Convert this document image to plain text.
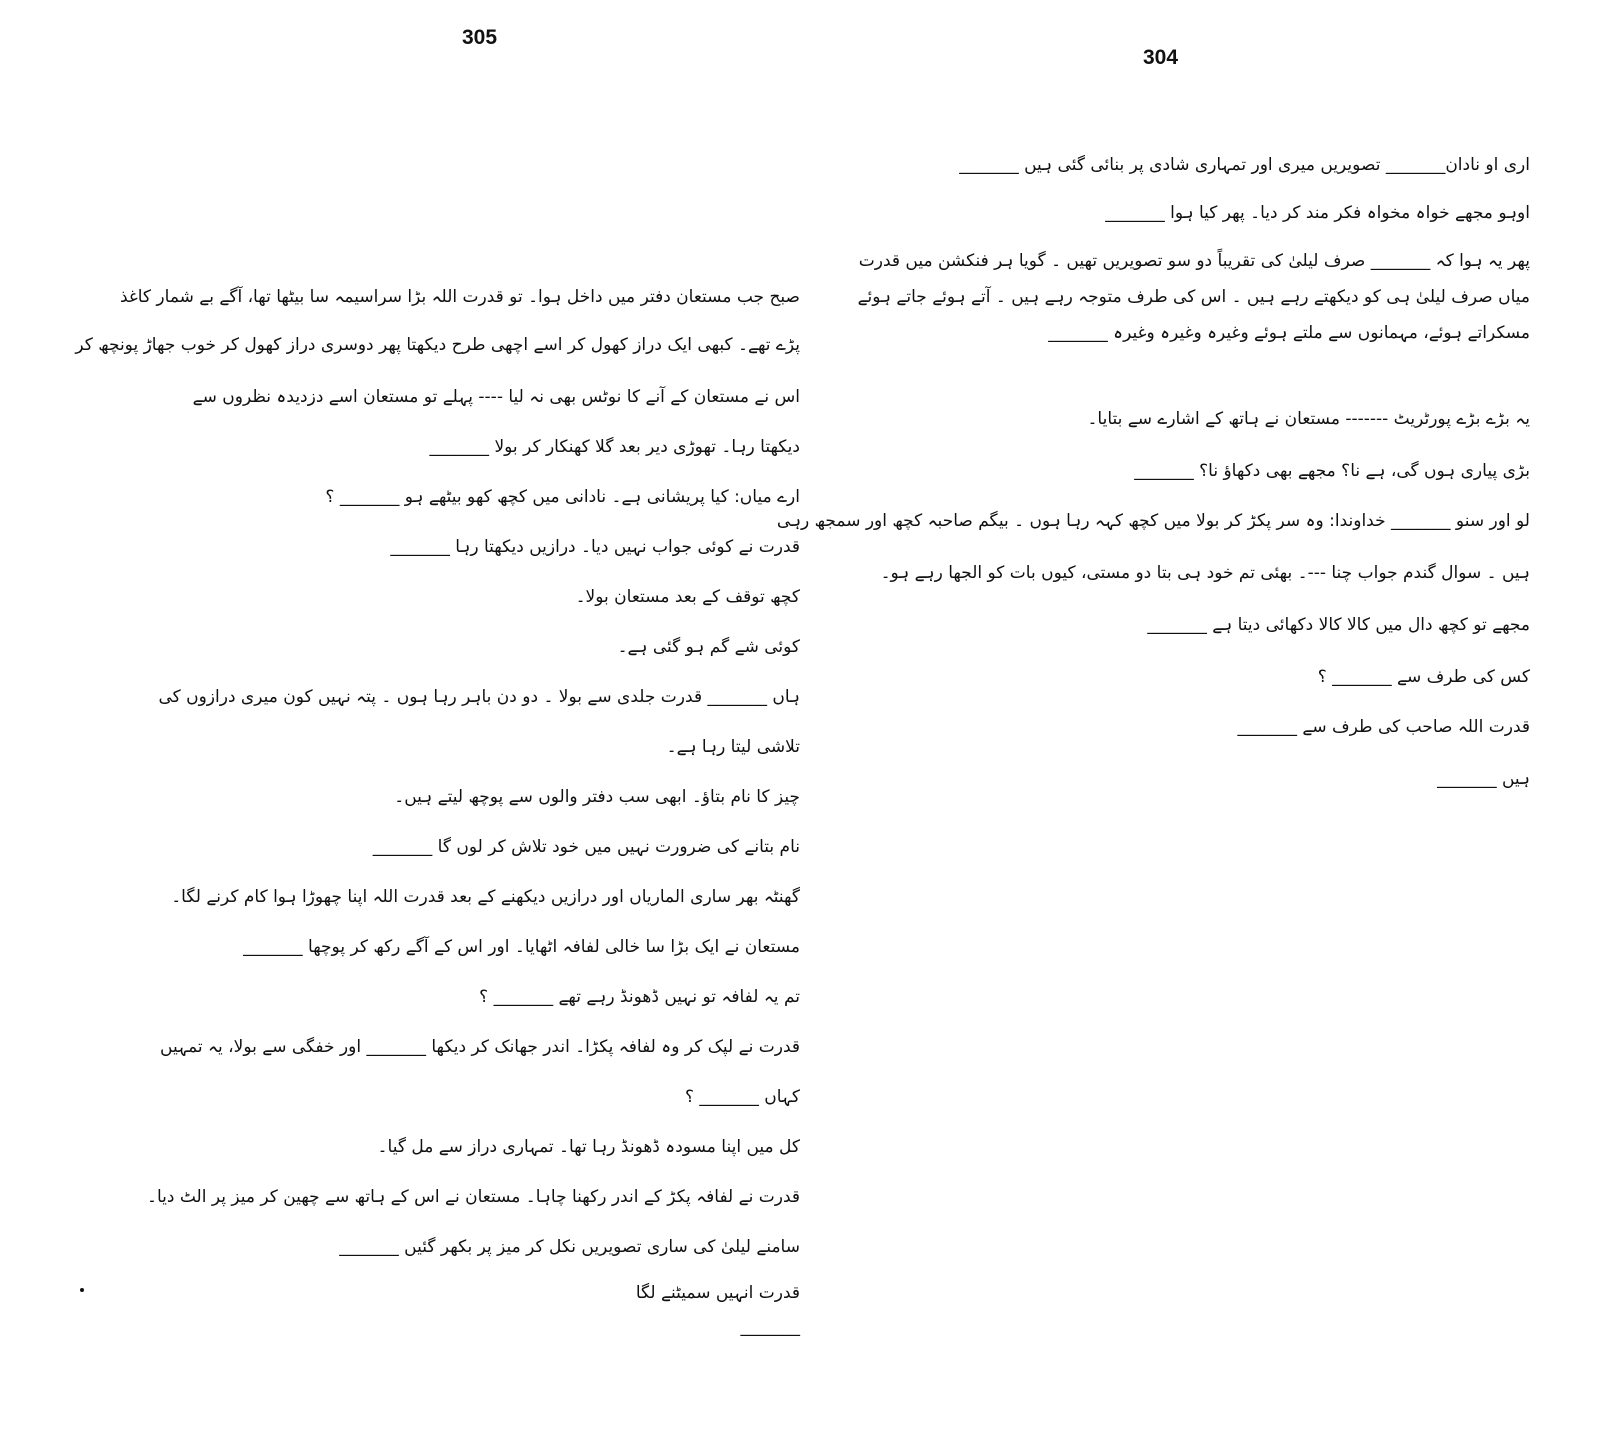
305
304
اری او نادان_______ تصویریں میری اور تمہاری شادی پر بنائی گئی ہیں _______
اوہو مجھے خواہ مخواہ فکر مند کر دیا۔ پھر کیا ہوا _______
پھر یہ ہوا کہ _______ صرف لیلیٰ کی تقریباً دو سو تصویریں تھیں ۔ گویا ہر فنکشن میں قدرت
میاں صرف لیلیٰ ہی کو دیکھتے رہے ہیں ۔ اس کی طرف متوجہ رہے ہیں ۔ آتے ہوئے جاتے ہوئے
مسکراتے ہوئے، مہمانوں سے ملتے ہوئے وغیرہ وغیرہ وغیرہ _______
یہ بڑے بڑے پورٹریٹ ------- مستعان نے ہاتھ کے اشارے سے بتایا۔
بڑی پیاری ہوں گی، ہے نا؟ مجھے بھی دکھاؤ نا؟ _______
لو اور سنو _______ خداوندا: وہ سر پکڑ کر بولا میں کچھ کہہ رہا ہوں ۔ بیگم صاحبہ کچھ اور سمجھ رہی
ہیں ۔ سوال گندم جواب چنا ---۔ بھئی تم خود ہی بتا دو مستی، کیوں بات کو الجھا رہے ہو۔
مجھے تو کچھ دال میں کالا کالا دکھائی دیتا ہے _______
کس کی طرف سے _______ ؟
قدرت اللہ صاحب کی طرف سے _______
ہیں _______
صبح جب مستعان دفتر میں داخل ہوا۔ تو قدرت اللہ بڑا سراسیمہ سا بیٹھا تھا، آگے بے شمار کاغذ
پڑے تھے۔ کبھی ایک دراز کھول کر اسے اچھی طرح دیکھتا پھر دوسری دراز کھول کر خوب جھاڑ پونچھ کر
اس نے مستعان کے آنے کا نوٹس بھی نہ لیا ---- پہلے تو مستعان اسے دزدیدہ نظروں سے
دیکھتا رہا۔ تھوڑی دیر بعد گلا کھنکار کر بولا _______
ارے میاں: کیا پریشانی ہے۔ نادانی میں کچھ کھو بیٹھے ہو _______ ؟
قدرت نے کوئی جواب نہیں دیا۔ درازیں دیکھتا رہا _______
کچھ توقف کے بعد مستعان بولا۔
کوئی شے گم ہو گئی ہے۔
ہاں _______ قدرت جلدی سے بولا ۔ دو دن باہر رہا ہوں ۔ پتہ نہیں کون میری درازوں کی
تلاشی لیتا رہا ہے۔
چیز کا نام بتاؤ۔ ابھی سب دفتر والوں سے پوچھ لیتے ہیں۔
نام بتانے کی ضرورت نہیں میں خود تلاش کر لوں گا _______
گھنٹہ بھر ساری الماریاں اور درازیں دیکھنے کے بعد قدرت اللہ اپنا چھوڑا ہوا کام کرنے لگا۔
مستعان نے ایک بڑا سا خالی لفافہ اٹھایا۔ اور اس کے آگے رکھ کر پوچھا _______
تم یہ لفافہ تو نہیں ڈھونڈ رہے تھے _______ ؟
قدرت نے لپک کر وہ لفافہ پکڑا۔ اندر جھانک کر دیکھا _______ اور خفگی سے بولا، یہ تمہیں
کہاں _______ ؟
کل میں اپنا مسودہ ڈھونڈ رہا تھا۔ تمہاری دراز سے مل گیا۔
قدرت نے لفافہ پکڑ کے اندر رکھنا چاہا۔ مستعان نے اس کے ہاتھ سے چھین کر میز پر الٹ دیا۔
سامنے لیلیٰ کی ساری تصویریں نکل کر میز پر بکھر گئیں _______
قدرت انہیں سمیٹنے لگا
_______
